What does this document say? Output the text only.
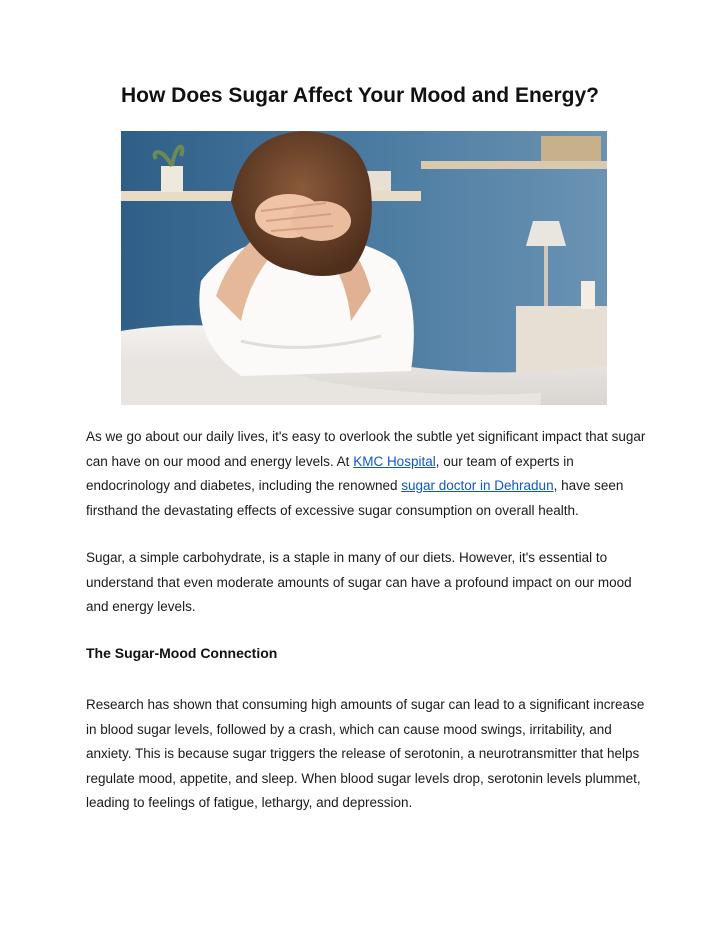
How Does Sugar Affect Your Mood and Energy?

As we go about our daily lives, it's easy to overlook the subtle yet significant impact that sugar can have on our mood and energy levels. At KMC Hospital, our team of experts in endocrinology and diabetes, including the renowned sugar doctor in Dehradun, have seen firsthand the devastating effects of excessive sugar consumption on overall health.

Sugar, a simple carbohydrate, is a staple in many of our diets. However, it's essential to understand that even moderate amounts of sugar can have a profound impact on our mood and energy levels.

The Sugar-Mood Connection

Research has shown that consuming high amounts of sugar can lead to a significant increase in blood sugar levels, followed by a crash, which can cause mood swings, irritability, and anxiety. This is because sugar triggers the release of serotonin, a neurotransmitter that helps regulate mood, appetite, and sleep. When blood sugar levels drop, serotonin levels plummet, leading to feelings of fatigue, lethargy, and depression.
